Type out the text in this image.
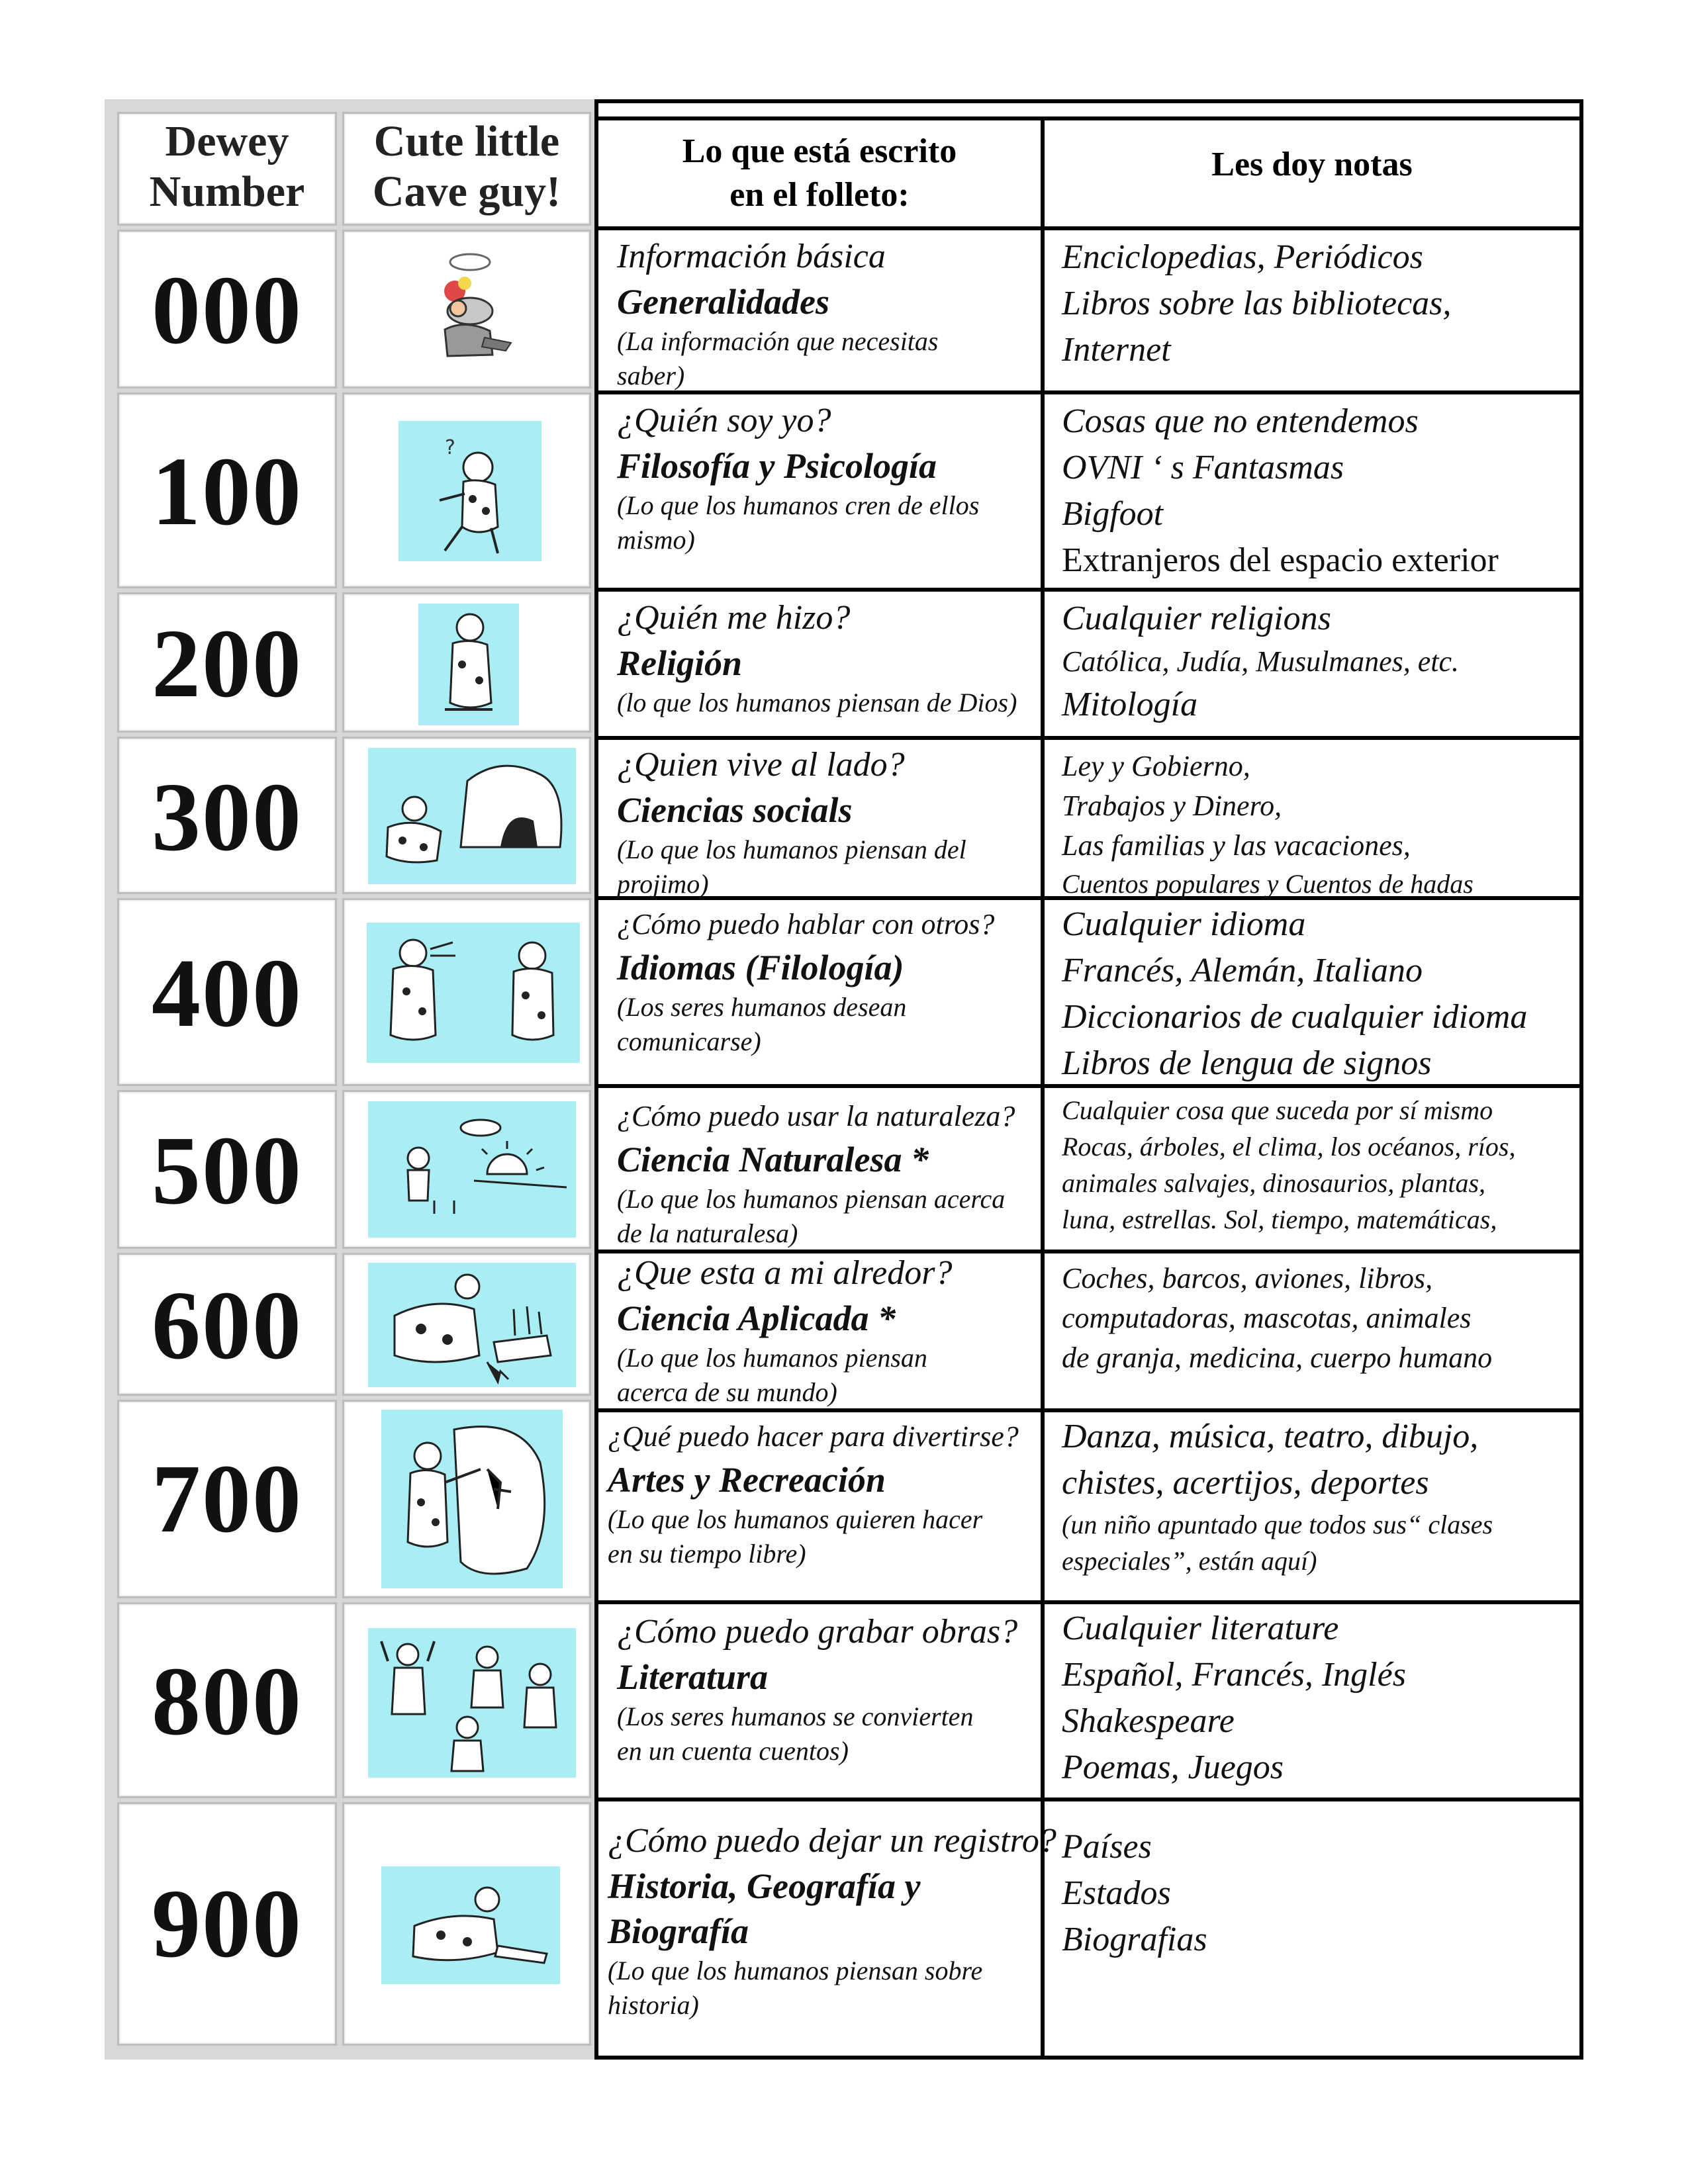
Dewey
Number
Cute little
Cave guy!
000
100	?
200
300
400
500
600
700
800
900
Lo que está escrito
en el folleto:
Les doy notas
Información básica
Generalidades
(La información que necesitas
saber)
Enciclopedias, Periódicos
Libros sobre las bibliotecas,
Internet
¿Quién soy yo?
Filosofía y Psicología
(Lo que los humanos cren de ellos
mismo)
Cosas que no entendemos
OVNI ‘ s Fantasmas
Bigfoot
Extranjeros del espacio exterior
¿Quién me hizo?
Religión
(lo que los humanos piensan de Dios)
Cualquier religions
Católica, Judía, Musulmanes, etc.
Mitología
¿Quien vive al lado?
Ciencias socials
(Lo que los humanos piensan del
projimo)
Ley y Gobierno,
Trabajos y Dinero,
Las familias y las vacaciones,
Cuentos populares y Cuentos de hadas
¿Cómo puedo hablar con otros?
Idiomas (Filología)
(Los seres humanos desean
comunicarse)
Cualquier idioma
Francés, Alemán, Italiano
Diccionarios de cualquier idioma
Libros de lengua de signos
¿Cómo puedo usar la naturaleza?
Ciencia Naturalesa *
(Lo que los humanos piensan acerca
de la naturalesa)
Cualquier cosa que suceda por sí mismo
Rocas, árboles, el clima, los océanos, ríos,
animales salvajes, dinosaurios, plantas,
luna, estrellas. Sol, tiempo, matemáticas,
¿Que esta a mi alredor?
Ciencia Aplicada *
(Lo que los humanos piensan
acerca de su mundo)
Coches, barcos, aviones, libros,
computadoras, mascotas, animales
de granja, medicina, cuerpo humano
¿Qué puedo hacer para divertirse?
Artes y Recreación
(Lo que los humanos quieren hacer
en su tiempo libre)
Danza, música, teatro, dibujo,
chistes, acertijos, deportes
(un niño apuntado que todos sus“ clases
especiales”, están aquí)
¿Cómo puedo grabar obras?
Literatura
(Los seres humanos se convierten
en un cuenta cuentos)
Cualquier literature
Español, Francés, Inglés
Shakespeare
Poemas, Juegos
¿Cómo puedo dejar un registro?
Historia, Geografía y
Biografía
(Lo que los humanos piensan sobre
historia)
Países
Estados
Biografias
